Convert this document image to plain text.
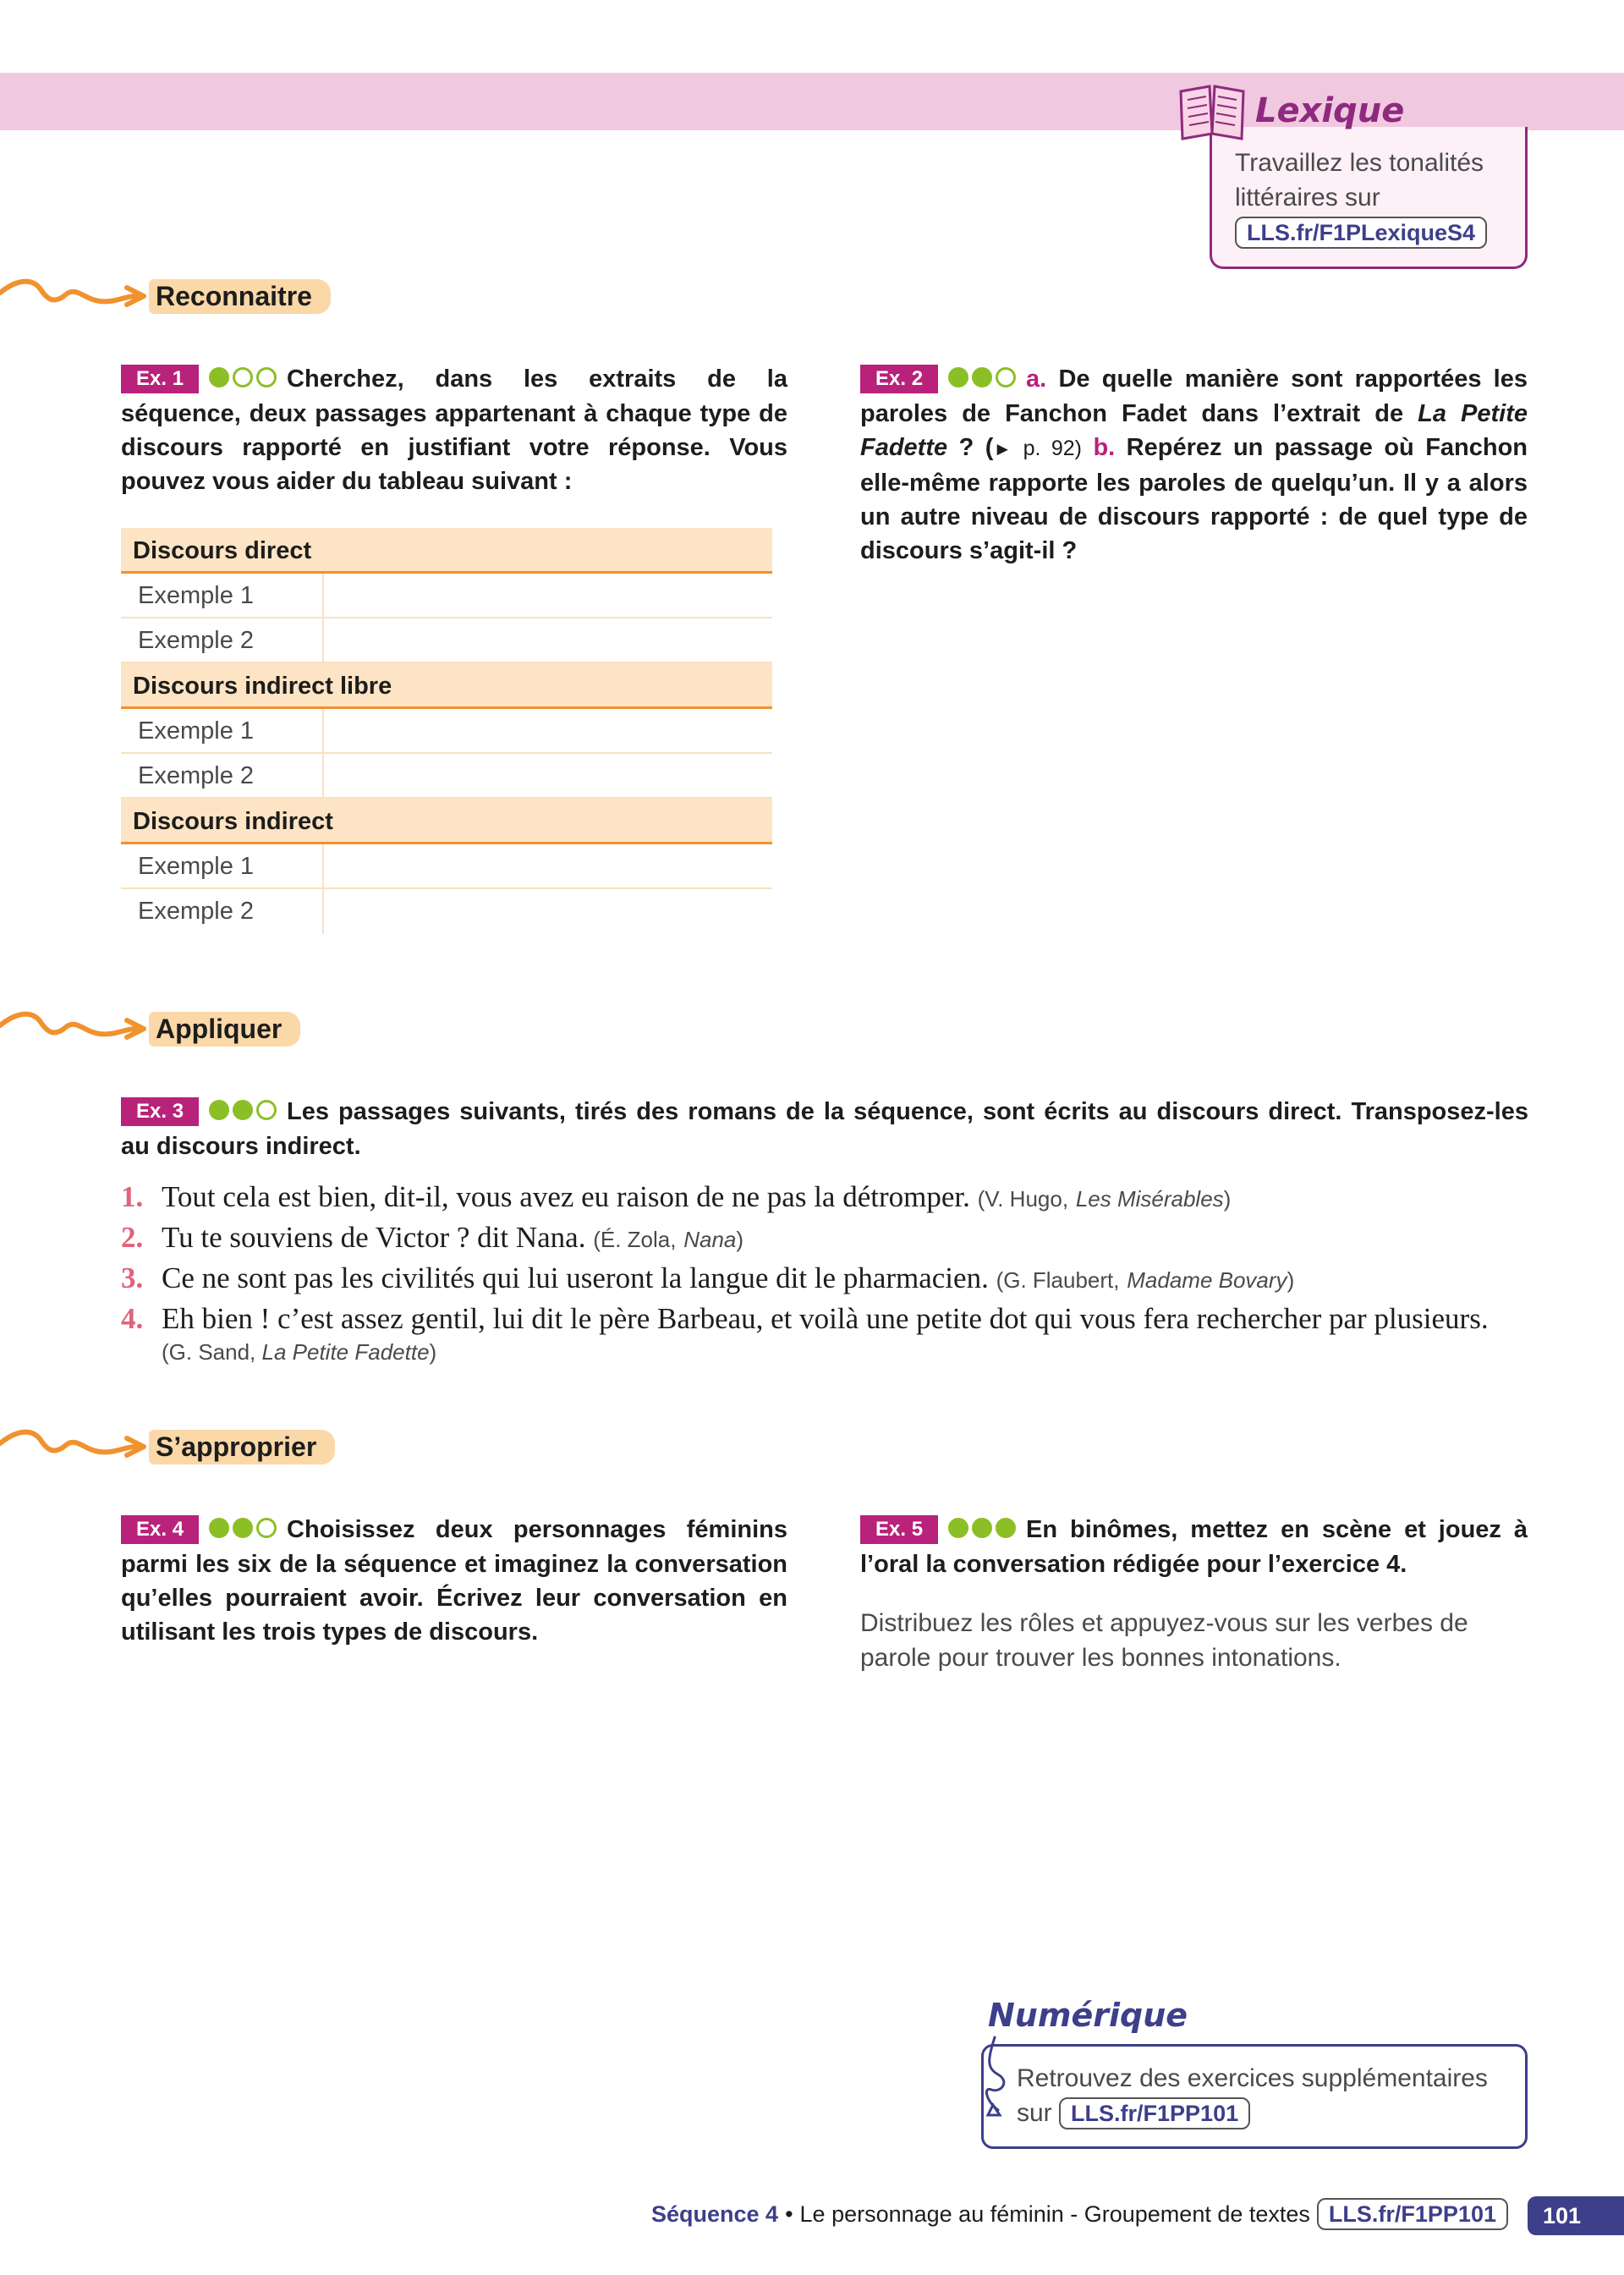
Lexique
Travaillez les tonalités littéraires sur
LLS.fr/F1PLexiqueS4
Reconnaitre
Ex. 1	Cherchez, dans les extraits de la séquence, deux passages appartenant à chaque type de discours rapporté en justifiant votre réponse. Vous pouvez vous aider du tableau suivant :
Discours direct
Exemple 1
Exemple 2
Discours indirect libre
Exemple 1
Exemple 2
Discours indirect
Exemple 1
Exemple 2
Ex. 2	a. De quelle manière sont rapportées les paroles de Fanchon Fadet dans l’extrait de La Petite Fadette ? (► p. 92) b. Repérez un passage où Fanchon elle-même rapporte les paroles de quelqu’un. Il y a alors un autre niveau de discours rapporté : de quel type de discours s’agit-il ?
Appliquer
Ex. 3	Les passages suivants, tirés des romans de la séquence, sont écrits au discours direct. Transposez-les au discours indirect.
1. Tout cela est bien, dit-il, vous avez eu raison de ne pas la détromper. (V. Hugo, Les Misérables)
2. Tu te souviens de Victor ? dit Nana. (É. Zola, Nana)
3. Ce ne sont pas les civilités qui lui useront la langue dit le pharmacien. (G. Flaubert, Madame Bovary)
4. Eh bien ! c’est assez gentil, lui dit le père Barbeau, et voilà une petite dot qui vous fera rechercher par plusieurs.
(G. Sand, La Petite Fadette)
S’approprier
Ex. 4	Choisissez deux personnages féminins parmi les six de la séquence et imaginez la conversation qu’elles pourraient avoir. Écrivez leur conversation en utilisant les trois types de discours.
Ex. 5	En binômes, mettez en scène et jouez à l’oral la conversation rédigée pour l’exercice 4.
Distribuez les rôles et appuyez-vous sur les verbes de parole pour trouver les bonnes intonations.
Numérique
Retrouvez des exercices supplémentaires sur LLS.fr/F1PP101
Séquence 4 • Le personnage au féminin - Groupement de textes LLS.fr/F1PP101	101
